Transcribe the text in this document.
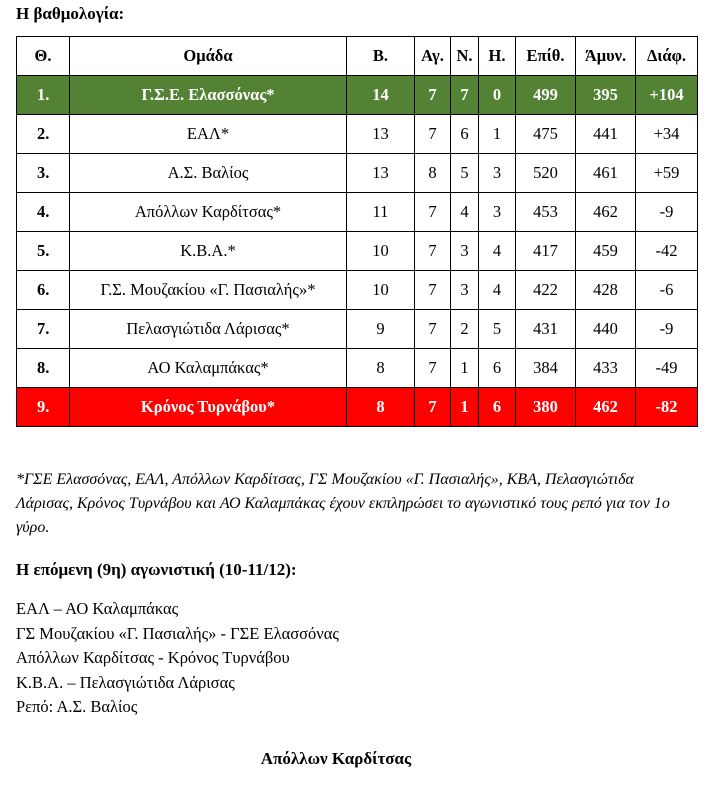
Η βαθμολογία:
Θ.	Ομάδα	Β.	Αγ.	Ν.	Η.	Επίθ.	Άμυν.	Διάφ.
1.	Γ.Σ.Ε. Ελασσόνας*	14	7	7	0	499	395	+104
2.	ΕΑΛ*	13	7	6	1	475	441	+34
3.	Α.Σ. Βαλίος	13	8	5	3	520	461	+59
4.	Απόλλων Καρδίτσας*	11	7	4	3	453	462	-9
5.	Κ.Β.Α.*	10	7	3	4	417	459	-42
6.	Γ.Σ. Μουζακίου «Γ. Πασιαλής»*	10	7	3	4	422	428	-6
7.	Πελασγιώτιδα Λάρισας*	9	7	2	5	431	440	-9
8.	ΑΟ Καλαμπάκας*	8	7	1	6	384	433	-49
9.	Κρόνος Τυρνάβου*	8	7	1	6	380	462	-82
*ΓΣΕ Ελασσόνας, ΕΑΛ, Απόλλων Καρδίτσας, ΓΣ Μουζακίου «Γ. Πασιαλής», ΚΒΑ, Πελασγιώτιδα Λάρισας, Κρόνος Τυρνάβου και ΑΟ Καλαμπάκας έχουν εκπληρώσει το αγωνιστικό τους ρεπό για τον 1ο γύρο.
Η επόμενη (9η) αγωνιστική (10-11/12):
ΕΑΛ – ΑΟ Καλαμπάκας
ΓΣ Μουζακίου «Γ. Πασιαλής» - ΓΣΕ Ελασσόνας
Απόλλων Καρδίτσας - Κρόνος Τυρνάβου
Κ.Β.Α. – Πελασγιώτιδα Λάρισας
Ρεπό: Α.Σ. Βαλίος
Απόλλων Καρδίτσας
